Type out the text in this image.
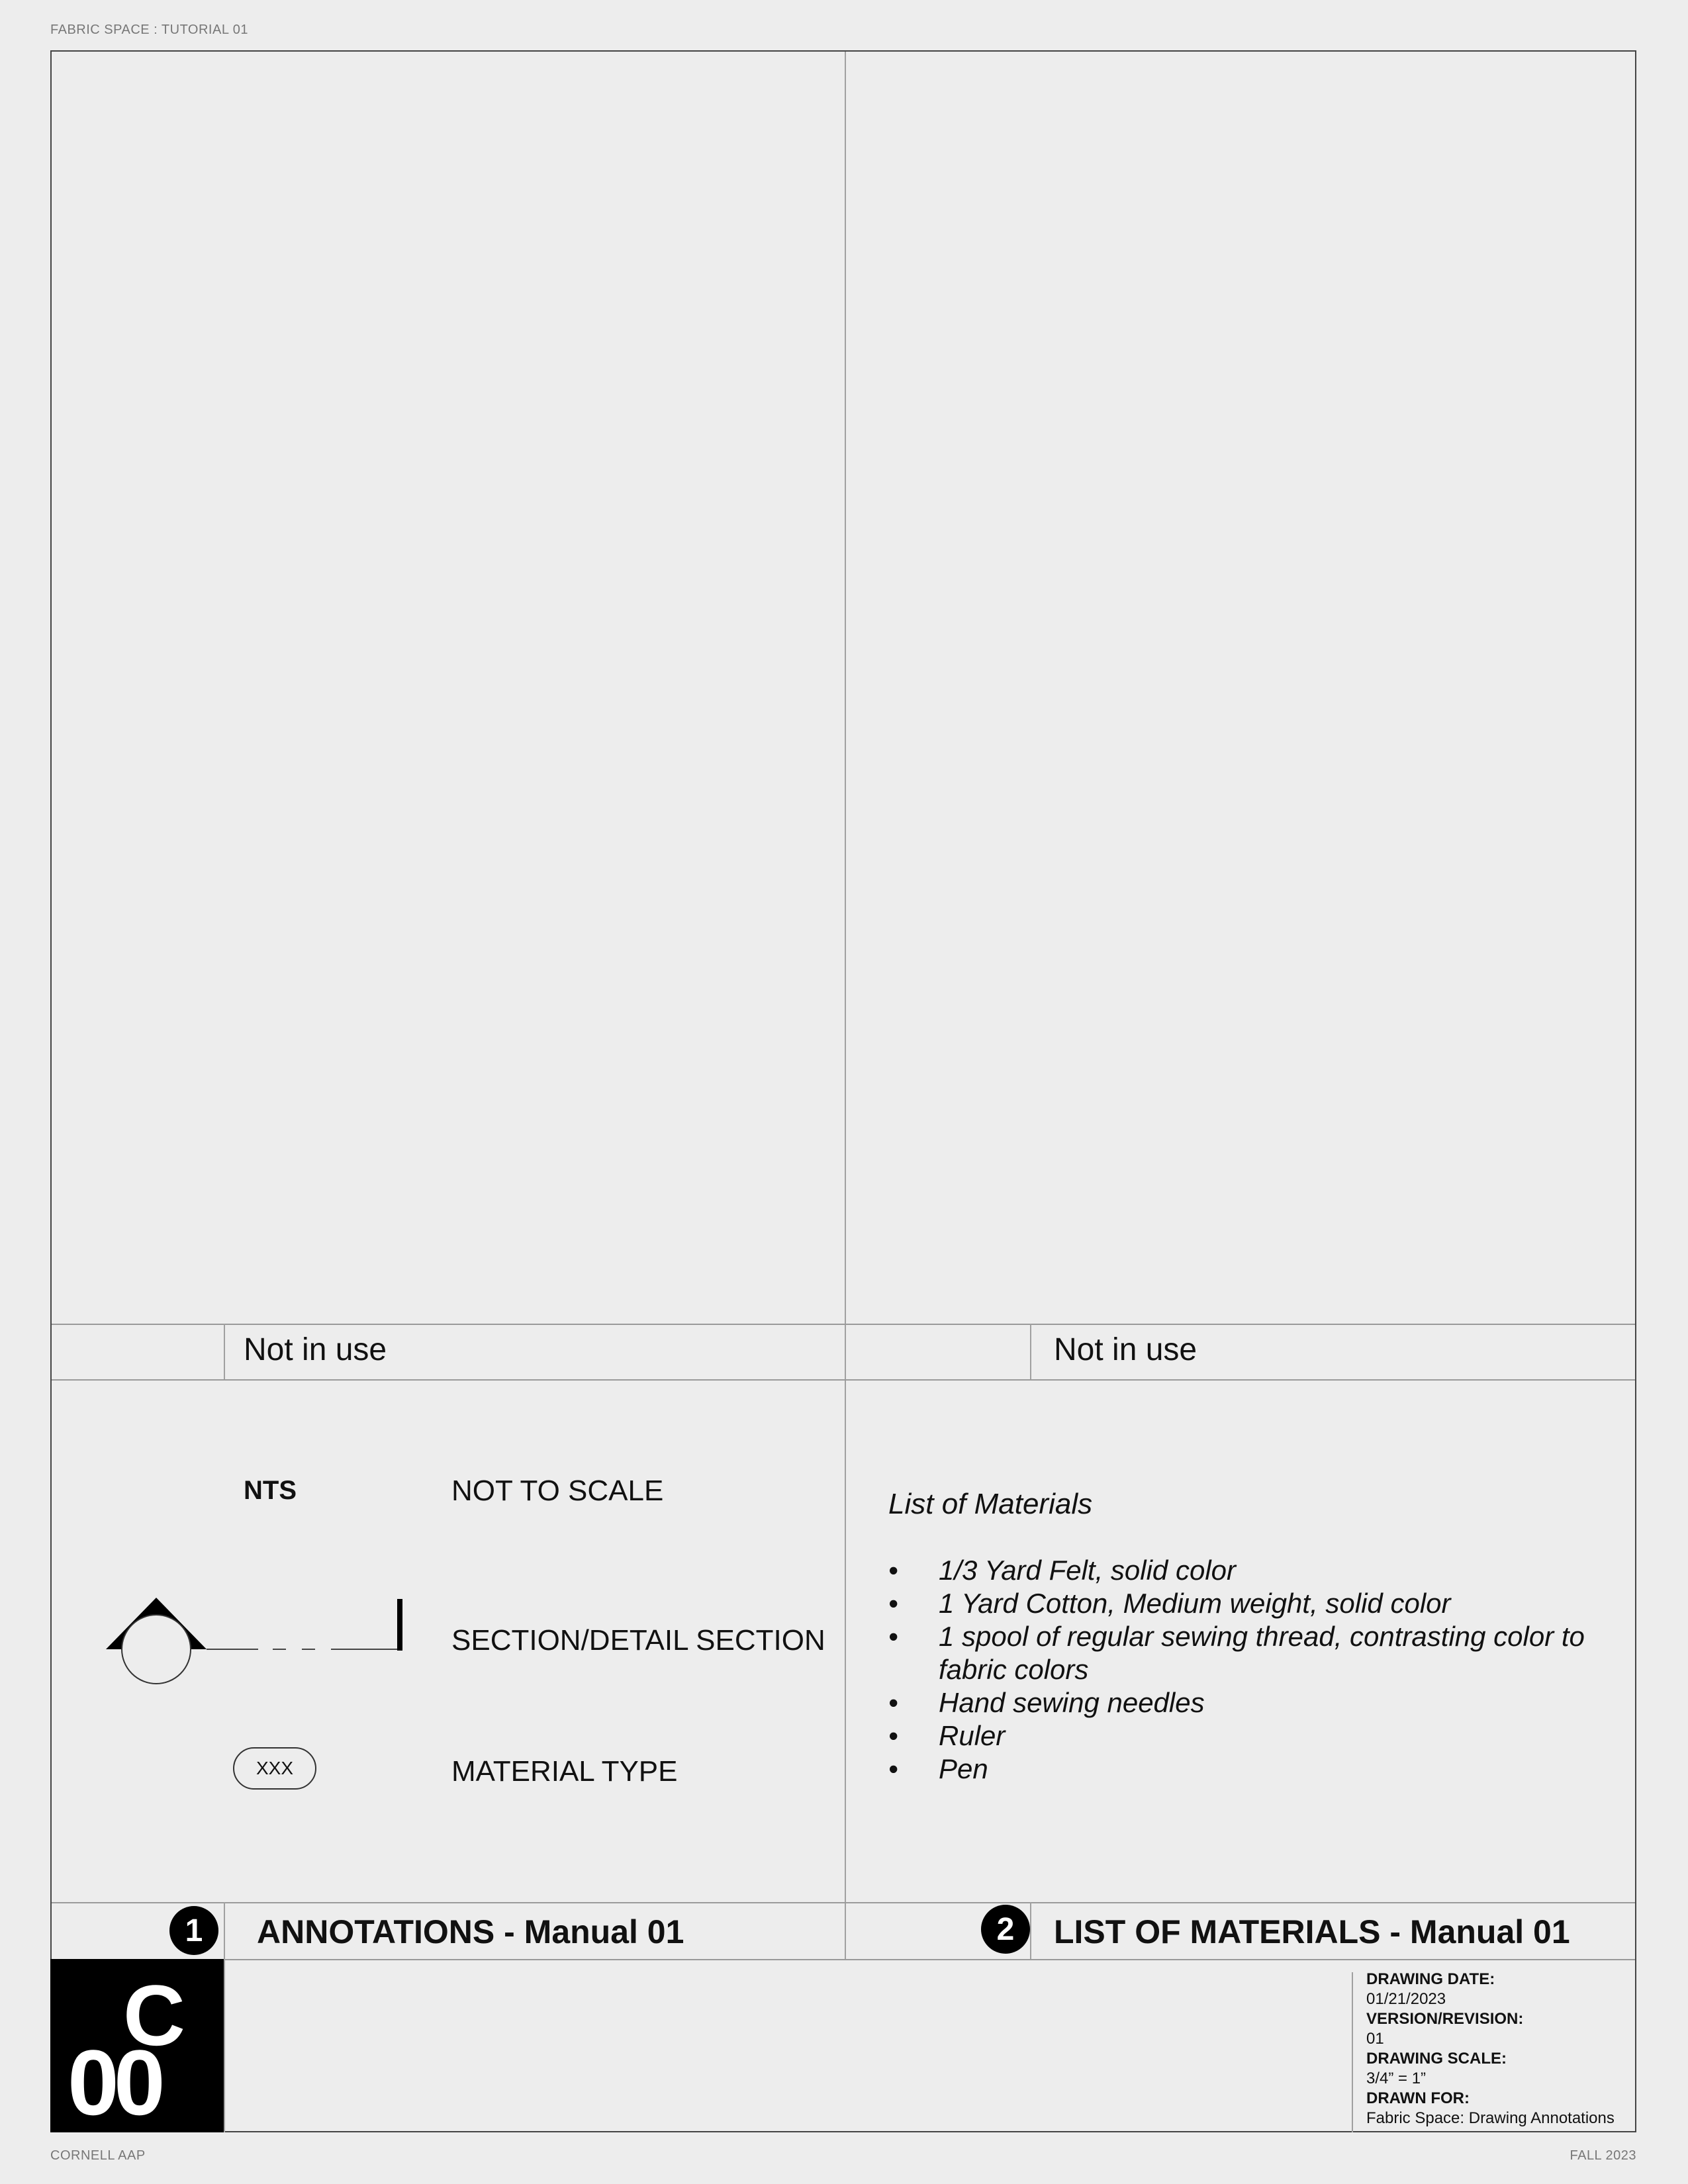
FABRIC SPACE : TUTORIAL 01
CORNELL AAP	FALL 2023
Not in use	Not in use
NTS	NOT TO SCALE
SECTION/DETAIL SECTION
XXX	MATERIAL TYPE
List of Materials
• 1/3 Yard Felt, solid color
• 1 Yard Cotton, Medium weight, solid color
• 1 spool of regular sewing thread, contrasting color to fabric colors
• Hand sewing needles
• Ruler
• Pen
1	ANNOTATIONS - Manual 01	2	LIST OF MATERIALS - Manual 01
C
00
DRAWING DATE:
01/21/2023
VERSION/REVISION:
01
DRAWING SCALE:
3/4” = 1”
DRAWN FOR:
Fabric Space: Drawing Annotations
